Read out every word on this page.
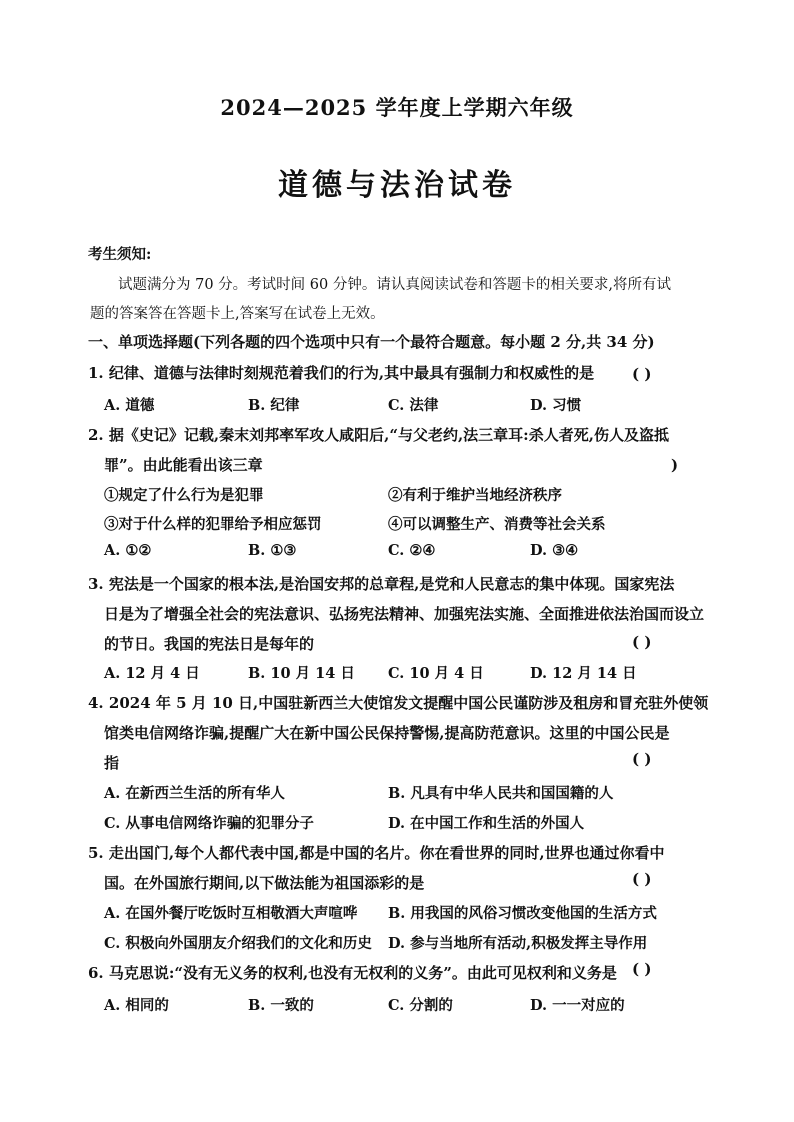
2024—2025 学年度上学期六年级
道德与法治试卷
考生须知:
试题满分为 70 分。考试时间 60 分钟。请认真阅读试卷和答题卡的相关要求,将所有试
题的答案答在答题卡上,答案写在试卷上无效。
一、单项选择题(下列各题的四个选项中只有一个最符合题意。每小题 2 分,共 34 分)
1. 纪律、道德与法律时刻规范着我们的行为,其中最具有强制力和权威性的是	( )
A. 道德	B. 纪律	C. 法律	D. 习惯
2. 据《史记》记载,秦末刘邦率军攻人咸阳后,“与父老约,法三章耳:杀人者死,伤人及盗抵
罪”。由此能看出该三章	)
①规定了什么行为是犯罪	②有利于维护当地经济秩序
③对于什么样的犯罪给予相应惩罚	④可以调整生产、消费等社会关系
A. ①②	B. ①③	C. ②④	D. ③④
3. 宪法是一个国家的根本法,是治国安邦的总章程,是党和人民意志的集中体现。国家宪法
日是为了增强全社会的宪法意识、弘扬宪法精神、加强宪法实施、全面推进依法治国而设立
的节日。我国的宪法日是每年的	( )
A. 12 月 4 日	B. 10 月 14 日 C. 10 月 4 日	D. 12 月 14 日
4. 2024 年 5 月 10 日,中国驻新西兰大使馆发文提醒中国公民谨防涉及租房和冒充驻外使领
馆类电信网络诈骗,提醒广大在新中国公民保持警惕,提高防范意识。这里的中国公民是
指	( )
A. 在新西兰生活的所有华人	B. 凡具有中华人民共和国国籍的人
C. 从事电信网络诈骗的犯罪分子	D. 在中国工作和生活的外国人
5. 走出国门,每个人都代表中国,都是中国的名片。你在看世界的同时,世界也通过你看中
国。在外国旅行期间,以下做法能为祖国添彩的是	( )
A. 在国外餐厅吃饭时互相敬酒大声喧哗 B. 用我国的风俗习惯改变他国的生活方式
C. 积极向外国朋友介绍我们的文化和历史 D. 参与当地所有活动,积极发挥主导作用
6. 马克思说:“没有无义务的权利,也没有无权利的义务”。由此可见权利和义务是 ( )
A. 相同的	B. 一致的	C. 分割的	D. 一一对应的
